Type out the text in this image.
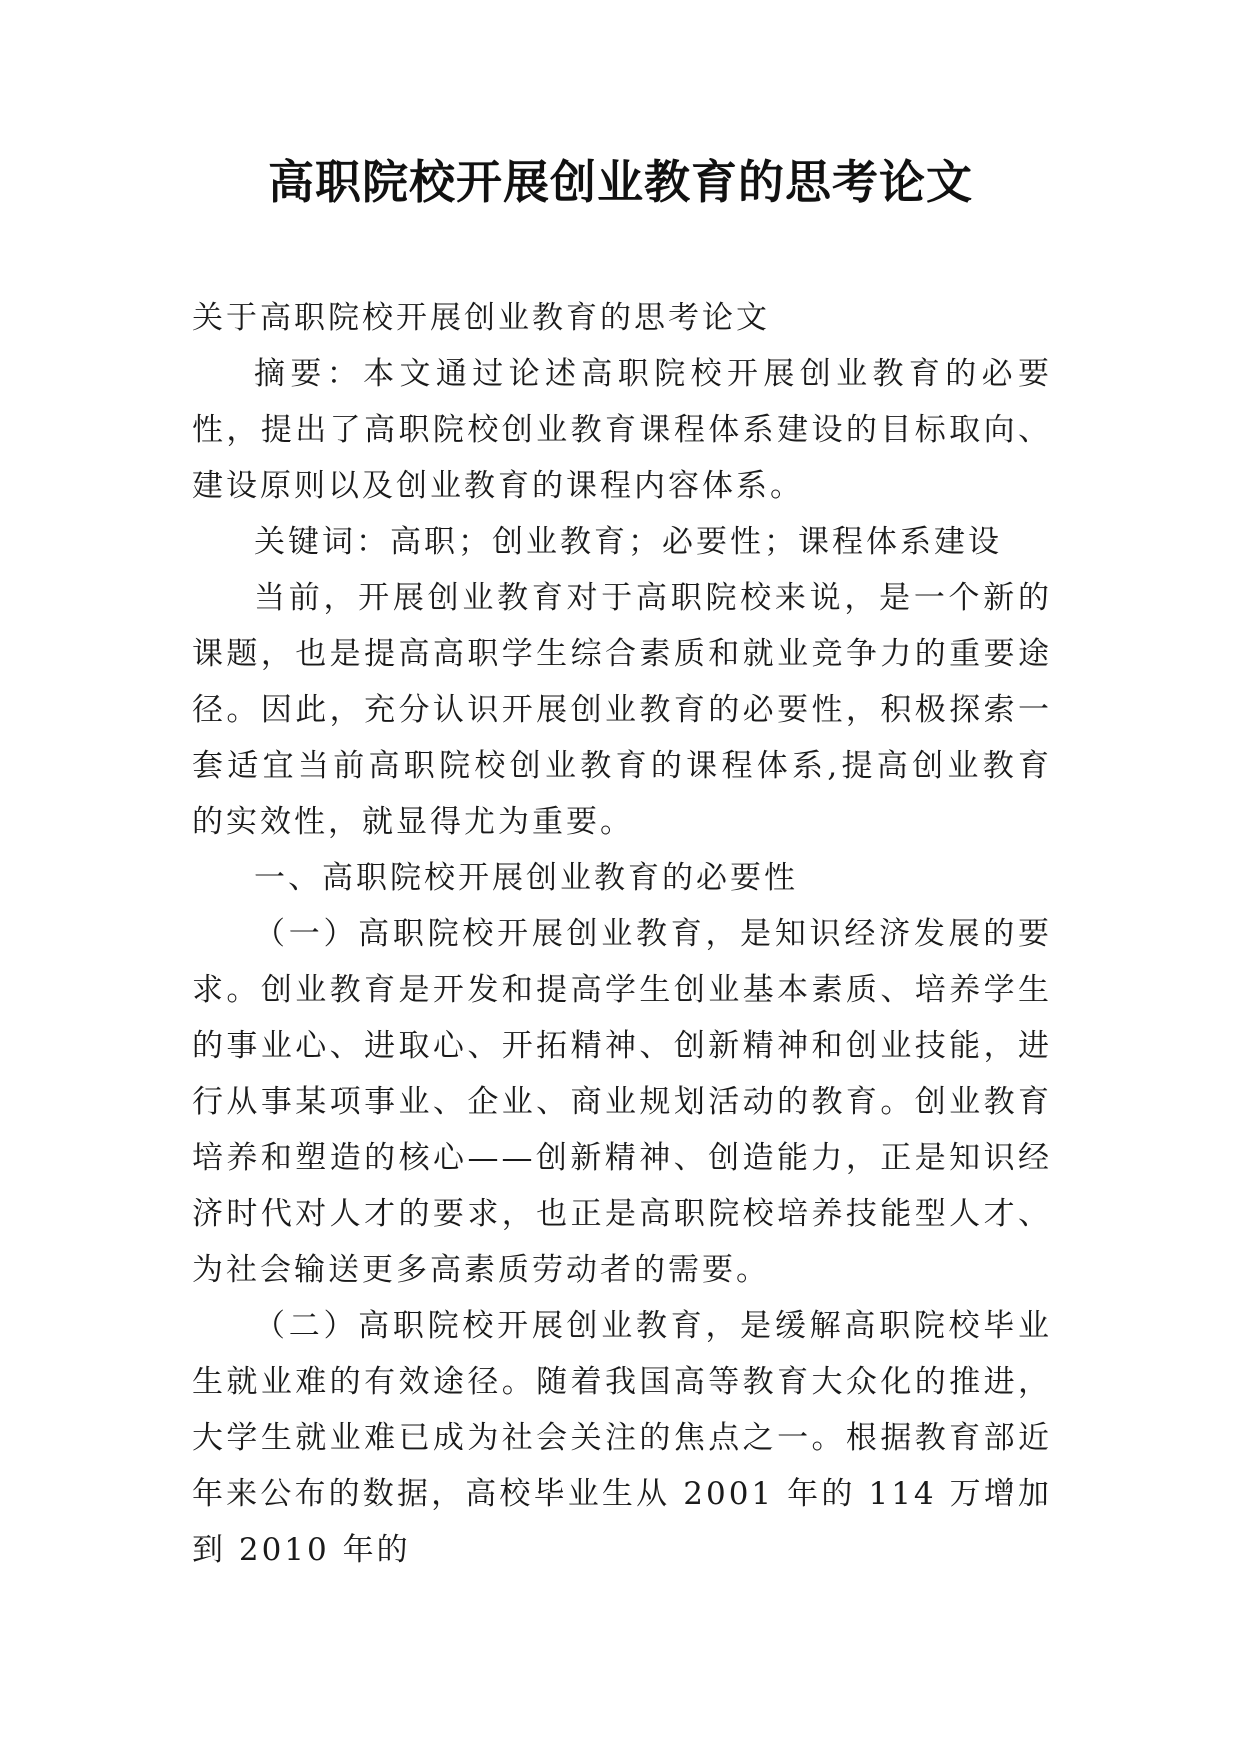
高职院校开展创业教育的思考论文

关于高职院校开展创业教育的思考论文

摘要：本文通过论述高职院校开展创业教育的必要性，提出了高职院校创业教育课程体系建设的目标取向、建设原则以及创业教育的课程内容体系。

关键词：高职；创业教育；必要性；课程体系建设

当前，开展创业教育对于高职院校来说，是一个新的课题，也是提高高职学生综合素质和就业竞争力的重要途径。因此，充分认识开展创业教育的必要性，积极探索一套适宜当前高职院校创业教育的课程体系,提高创业教育的实效性，就显得尤为重要。

一、高职院校开展创业教育的必要性

（一）高职院校开展创业教育，是知识经济发展的要求。创业教育是开发和提高学生创业基本素质、培养学生的事业心、进取心、开拓精神、创新精神和创业技能，进行从事某项事业、企业、商业规划活动的教育。创业教育培养和塑造的核心——创新精神、创造能力，正是知识经济时代对人才的要求，也正是高职院校培养技能型人才、为社会输送更多高素质劳动者的需要。

（二）高职院校开展创业教育，是缓解高职院校毕业生就业难的有效途径。随着我国高等教育大众化的推进，大学生就业难已成为社会关注的焦点之一。根据教育部近年来公布的数据，高校毕业生从 2001 年的 114 万增加到 2010 年的
